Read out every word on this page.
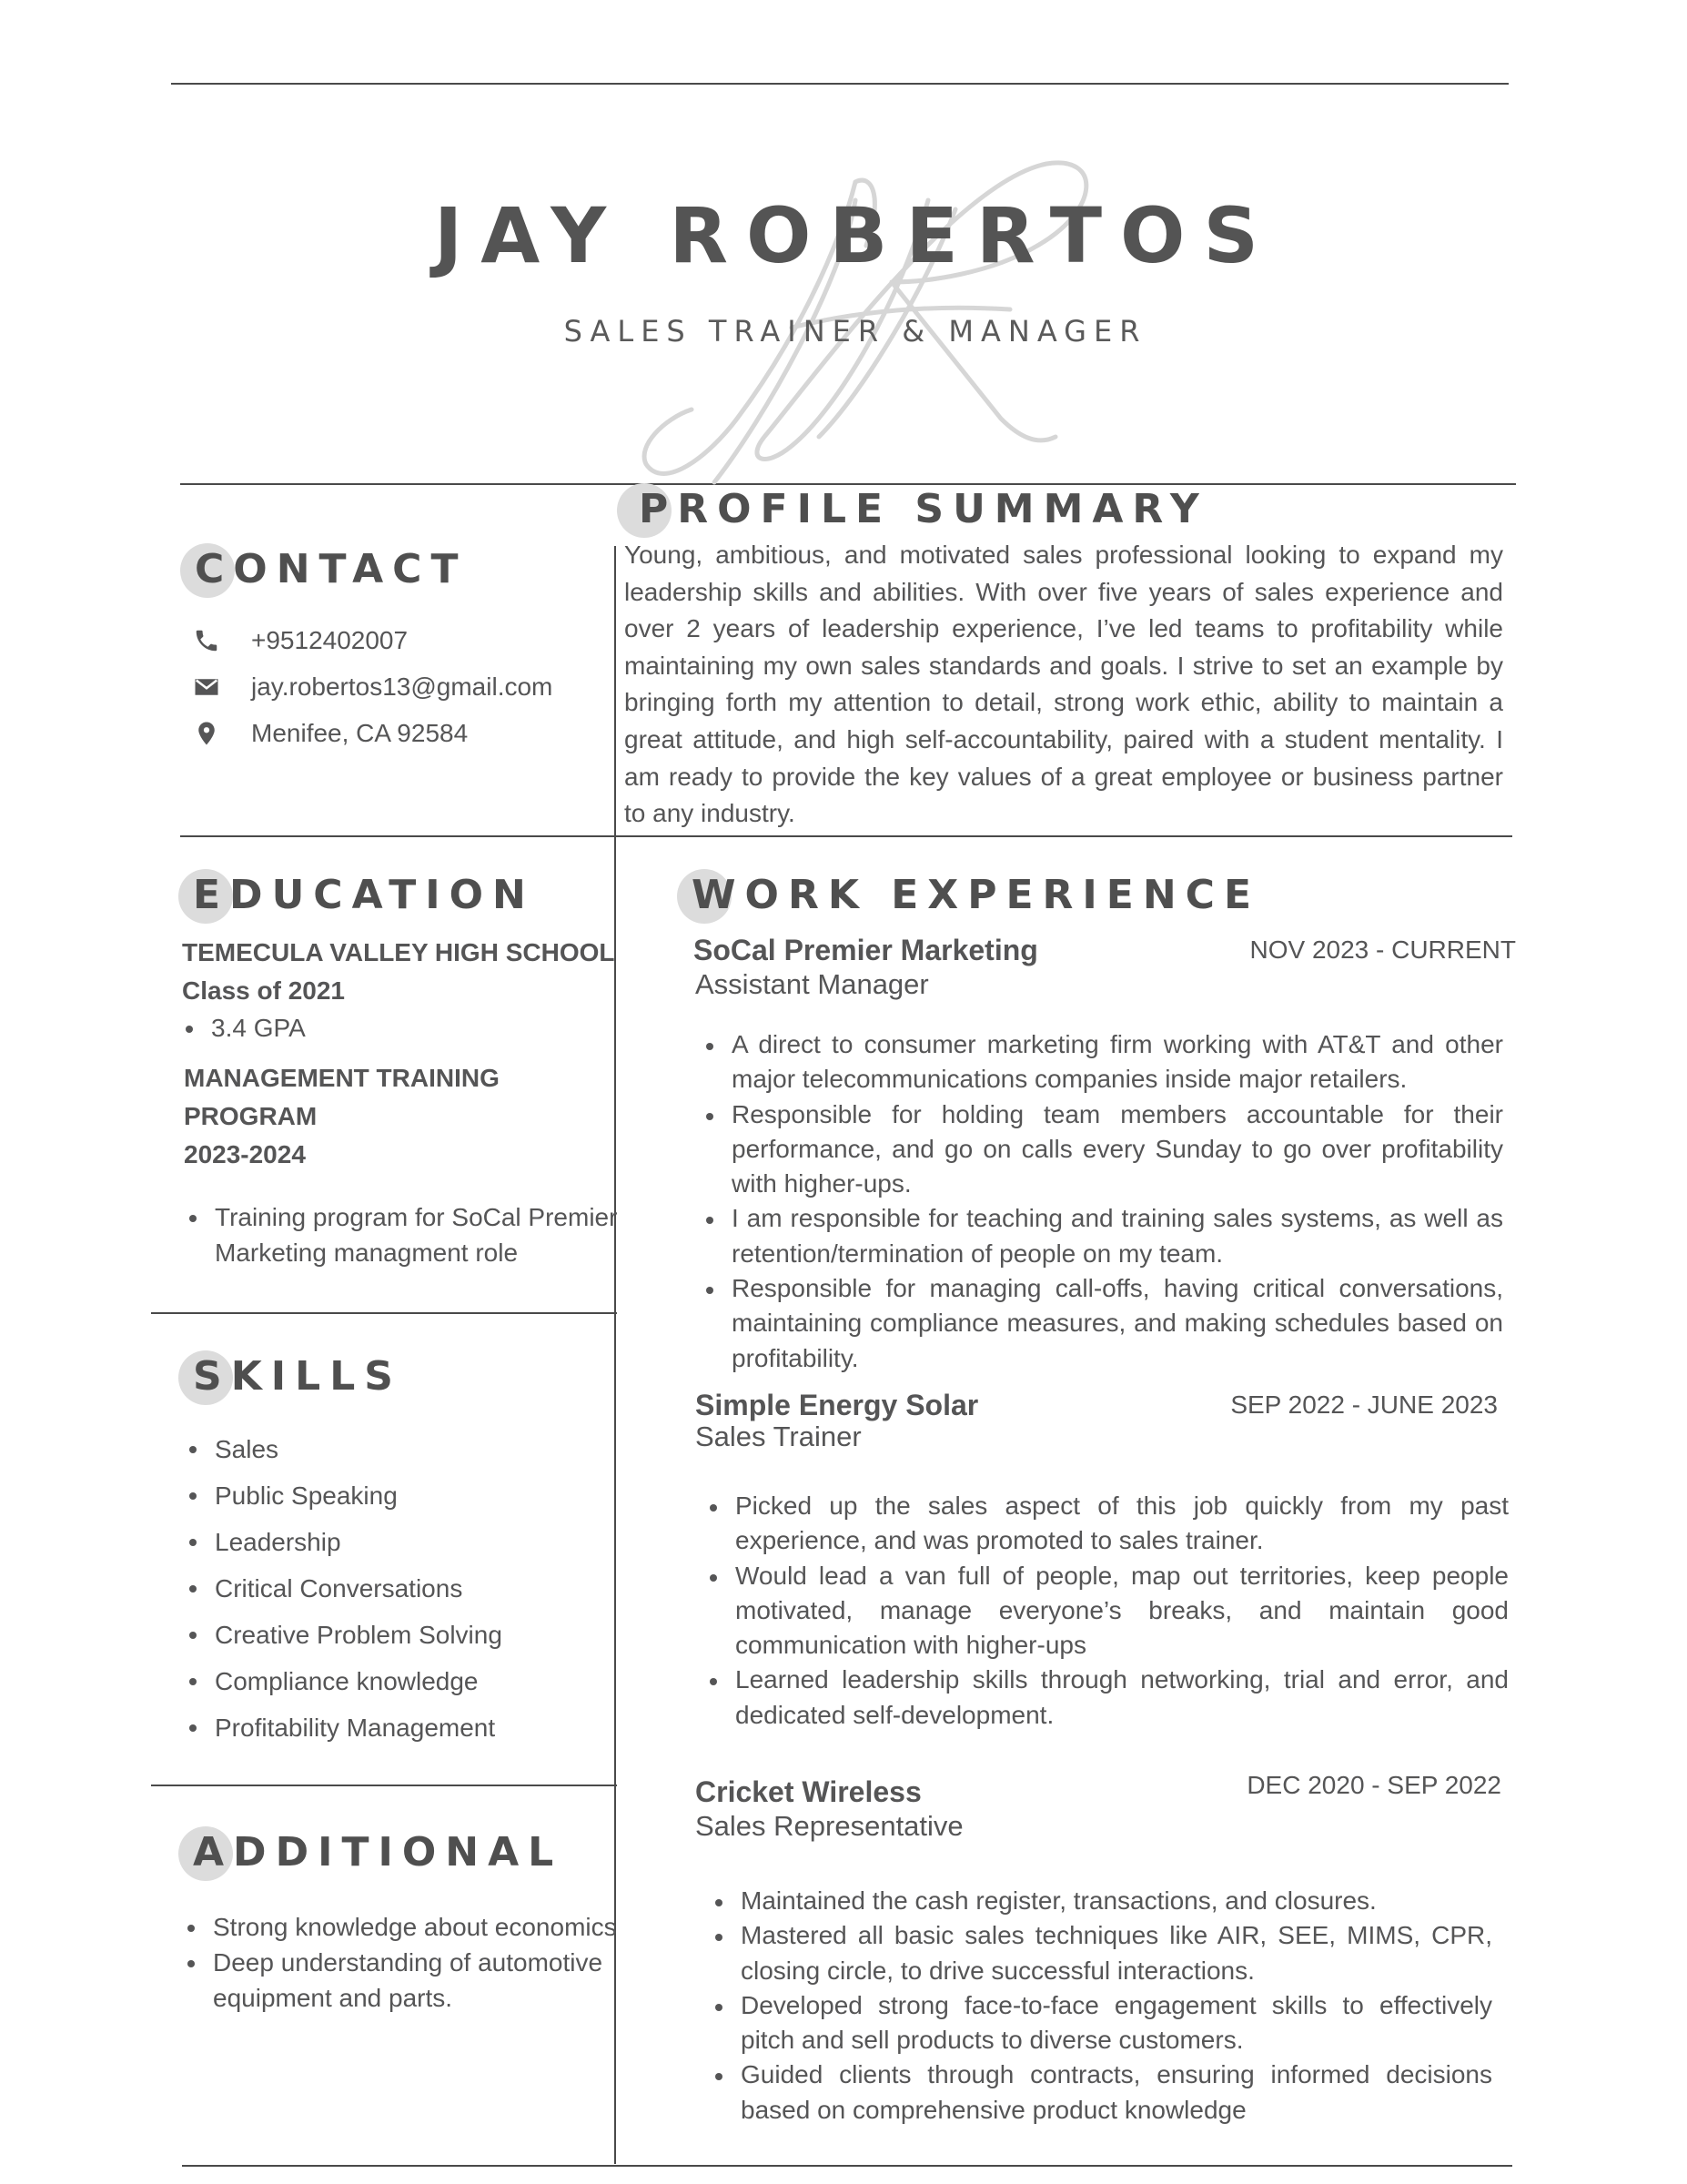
JAY ROBERTOS
SALES TRAINER & MANAGER
PROFILE SUMMARY
Young, ambitious, and motivated sales professional looking to expand my leadership skills and abilities. With over five years of sales experience and over 2 years of leadership experience, I’ve led teams to profitability while maintaining my own sales standards and goals. I strive to set an example by bringing forth my attention to detail, strong work ethic, ability to maintain a great attitude, and high self-accountability, paired with a student mentality. I am ready to provide the key values of a great employee or business partner to any industry.
CONTACT
+9512402007
jay.robertos13@gmail.com
Menifee, CA 92584
EDUCATION
TEMECULA VALLEY HIGH SCHOOL
Class of 2021
3.4 GPA
MANAGEMENT TRAINING
PROGRAM
2023-2024
Training program for SoCal Premier Marketing managment role
SKILLS
Sales
Public Speaking
Leadership
Critical Conversations
Creative Problem Solving
Compliance knowledge
Profitability Management
ADDITIONAL
Strong knowledge about economics
Deep understanding of automotive equipment and parts.
WORK EXPERIENCE
SoCal Premier Marketing	NOV 2023 - CURRENT
Assistant Manager
A direct to consumer marketing firm working with AT&T and other major telecommunications companies inside major retailers.
Responsible for holding team members accountable for their performance, and go on calls every Sunday to go over profitability with higher-ups.
I am responsible for teaching and training sales systems, as well as retention/termination of people on my team.
Responsible for managing call-offs, having critical conversations, maintaining compliance measures, and making schedules based on profitability.
Simple Energy Solar	SEP 2022 - JUNE 2023
Sales Trainer
Picked up the sales aspect of this job quickly from my past experience, and was promoted to sales trainer.
Would lead a van full of people, map out territories, keep people motivated, manage everyone’s breaks, and maintain good communication with higher-ups
Learned leadership skills through networking, trial and error, and dedicated self-development.
Cricket Wireless	DEC 2020 - SEP 2022
Sales Representative
Maintained the cash register, transactions, and closures.
Mastered all basic sales techniques like AIR, SEE, MIMS, CPR, closing circle, to drive successful interactions.
Developed strong face-to-face engagement skills to effectively pitch and sell products to diverse customers.
Guided clients through contracts, ensuring informed decisions based on comprehensive product knowledge
